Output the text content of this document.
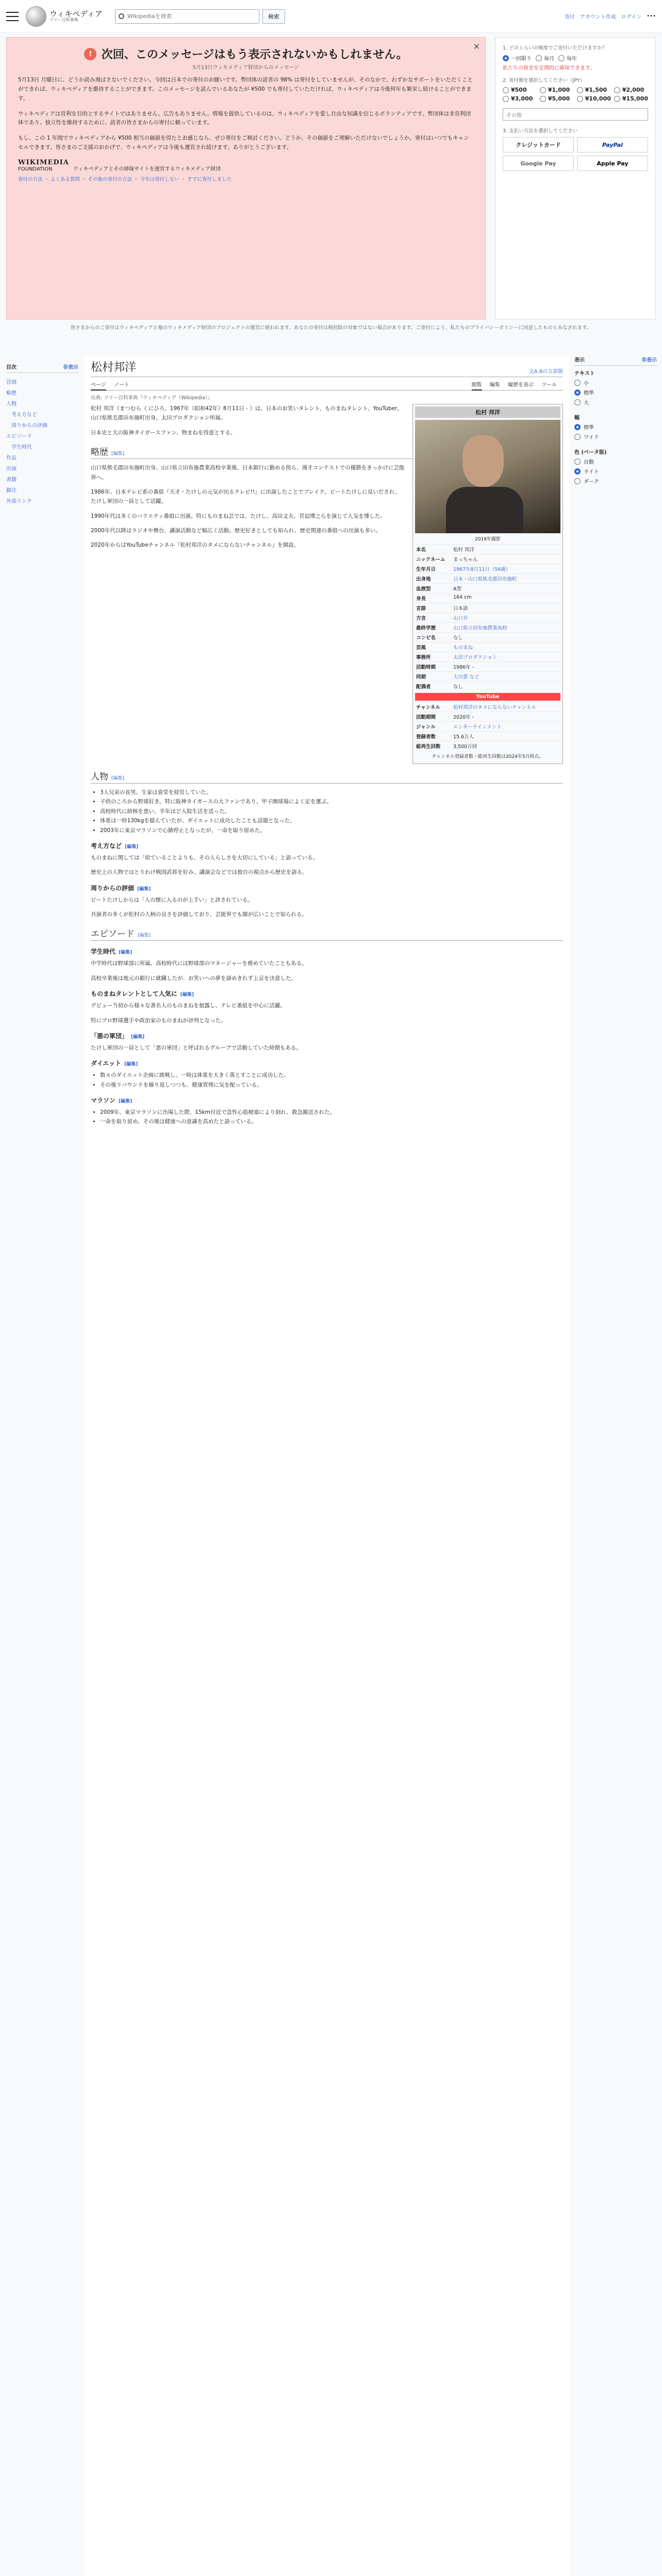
ウィキペディア
フリー百科事典
Wikipediaを検索
検索	寄付 アカウント作成 ログイン •••
✕
! 次回、このメッセージはもう表示されないかもしれません。
5月13日ウィキメディア財団からのメッセージ

5月13日 月曜日に、どうか読み飛ばさないでください。今回は日本での寄付のお願いです。弊団体の読者の 98% は寄付をしていませんが、そのなかで、わずかなサポートをいただくことができれば、ウィキペディアを維持することができます。このメッセージを読んでいるあなたが ¥500 でも寄付していただければ、ウィキペディアは今後何年も繁栄し続けることができます。

ウィキペディアは営利を目的とするサイトではありません。広告もありません。情報を提供しているのは、ウィキペディアを愛し自由な知識を信じるボランティアです。弊団体は非営利団体であり、独立性を維持するために、読者の皆さまからの寄付に頼っています。

もし、この 1 年間でウィキペディアから ¥500 相当の価値を得たとお感じなら、ぜひ寄付をご検討ください。どうか、その価値をご理解いただけないでしょうか。寄付はいつでもキャンセルできます。皆さまのご支援のおかげで、ウィキペディアは今後も運営され続けます。ありがとうございます。

WIKIMEDIA
FOUNDATION	ウィキペディアとその姉妹サイトを運営するウィキメディア財団
寄付の方法 ・ よくある質問 ・ その他の寄付の方法 ・ 今年は寄付しない ・ すでに寄付しました
1. どのくらいの頻度でご寄付いただけますか？
一回限り 毎月 毎年
私たちの資金を定期的に確保できます。
2. 寄付額を選択してください（JPY）
¥500	¥1,000	¥1,500	¥2,000
¥3,000	¥5,000	¥10,000 ¥15,000
その他
3. 支払い方法を選択してください
クレジットカード	PayPal
Google Pay	Apple Pay
皆さまからのご寄付はウィキペディアと他のウィキメディア財団のプロジェクトの運営に使われます。あなたの寄付は税控除の対象ではない場合があります。ご寄付により、私たちのプライバシーポリシーに同意したものとみなされます。
目次	非表示
冒頭
略歴
人物
考え方など
周りからの評価
エピソード
学生時代
作品
出演
書籍
脚注
外部リンク
松村邦洋	文A 8の言語版
ページ ノート	閲覧 編集 履歴を表示 ツール
出典: フリー百科事典『ウィキペディア（Wikipedia）』
松村 邦洋
2018年撮影
本名	松村 邦洋
ニックネーム	まっちゃん
生年月日	1967年8月11日（56歳）
出身地	日本・山口県熊毛郡田布施町
血液型	A型
身長	164 cm
言語	日本語
方言	山口弁
最終学歴	山口県立田布施農業高校
コンビ名	なし
芸風	ものまね
事務所	太田プロダクション
活動時期	1986年 -
同期	大川豊 など
配偶者	なし
YouTube
チャンネル	松村邦洋のタメにならないチャンネル
活動期間	2020年 -
ジャンル	エンターテインメント
登録者数	15.6万人
総再生回数	3,500万回
チャンネル登録者数・総再生回数は2024年5月時点。

松村 邦洋（まつむら くにひろ、1967年（昭和42年）8月11日 - ）は、日本のお笑いタレント、ものまねタレント、YouTuber。山口県熊毛郡田布施町出身。太田プロダクション所属。

日本史と大の阪神タイガースファン、物まねを得意とする。

略歴 [編集]

山口県熊毛郡田布施町出身。山口県立田布施農業高校卒業後、日本銀行に勤める傍ら、漫才コンテストでの優勝をきっかけに芸能界へ。

1986年、日本テレビ系の番組『天才・たけしの元気が出るテレビ!!』に出演したことでブレイク。ビートたけしに見いだされ、たけし軍団の一員として活躍。

1990年代は多くのバラエティ番組に出演。特にものまね芸では、たけし、高田文夫、宮迫博之らを演じて人気を博した。

2000年代以降はラジオや舞台、講演活動など幅広く活動。歴史好きとしても知られ、歴史関連の番組への出演も多い。

2020年からはYouTubeチャンネル『松村邦洋のタメにならないチャンネル』を開設。

人物 [編集]
• 3人兄弟の長男。生家は食堂を経営していた。
• 子供のころから野球好き。特に阪神タイガースの大ファンであり、甲子園球場によく足を運ぶ。
• 高校時代に結核を患い、半年ほど入院生活を送った。
• 体重は一時130kgを超えていたが、ダイエットに成功したことも話題となった。
• 2003年に東京マラソンで心肺停止となったが、一命を取り留めた。
考え方など [編集]

ものまねに関しては「似ていることよりも、その人らしさを大切にしている」と語っている。

歴史上の人物ではとりわけ戦国武将を好み、講演会などでは独自の視点から歴史を語る。

周りからの評価 [編集]

ビートたけしからは「人の懐に入るのが上手い」と評されている。

共演者の多くが松村の人柄の良さを評価しており、芸能界でも顔が広いことで知られる。

エピソード [編集]
学生時代 [編集]

中学時代は野球部に所属。高校時代には野球部のマネージャーを務めていたこともある。

高校卒業後は地元の銀行に就職したが、お笑いへの夢を諦めきれず上京を決意した。

ものまねタレントとして人気に [編集]

デビュー当初から様々な著名人のものまねを披露し、テレビ番組を中心に活躍。

特にプロ野球選手や政治家のものまねが評判となった。

「悪の軍団」 [編集]

たけし軍団の一員として「悪の軍団」と呼ばれるグループで活動していた時期もある。

ダイエット [編集]
• 数々のダイエット企画に挑戦し、一時は体重を大きく落とすことに成功した。
• その後リバウンドを繰り返しつつも、健康管理に気を配っている。
マラソン [編集]
• 2009年、東京マラソンに出場した際、15km付近で急性心筋梗塞により倒れ、救急搬送された。
• 一命を取り留め、その後は健康への意識を高めたと語っている。
表示	非表示
テキスト
小
標準
大
幅
標準
ワイド
色 (ベータ版)
自動
ライト
ダーク
